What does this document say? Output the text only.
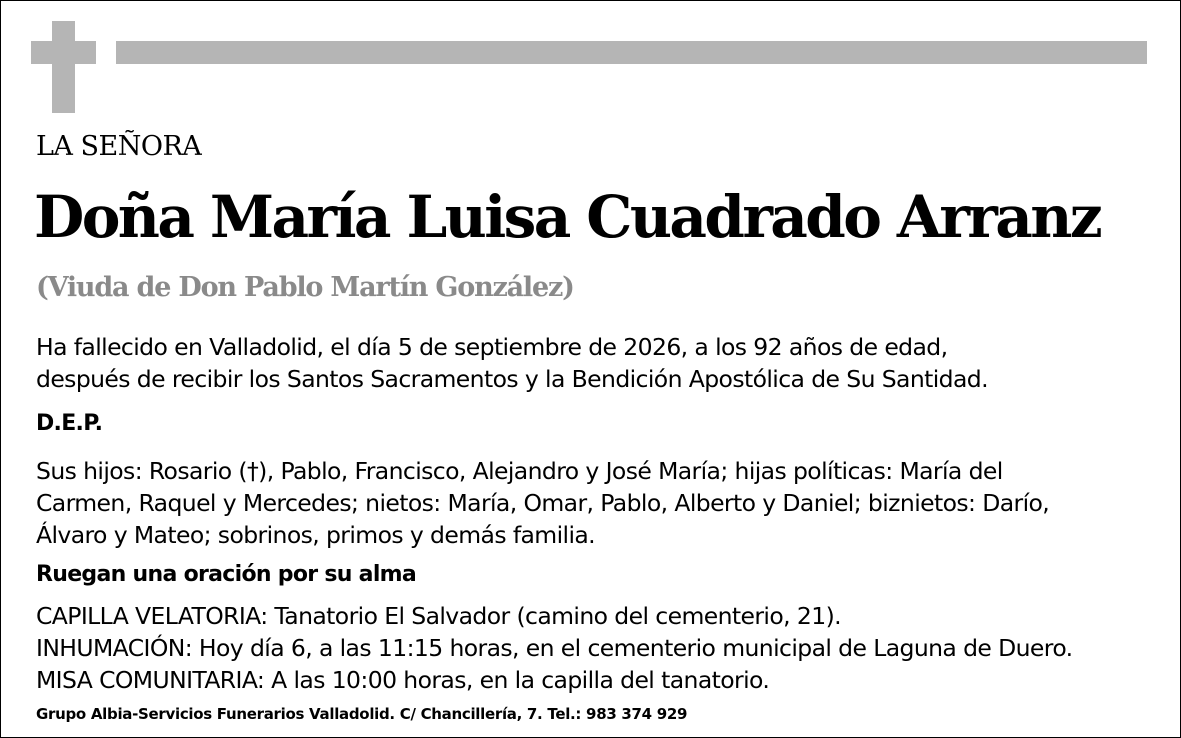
LA SEÑORA
Doña María Luisa Cuadrado Arranz
(Viuda de Don Pablo Martín González)
Ha fallecido en Valladolid, el día 5 de septiembre de 2026, a los 92 años de edad,
después de recibir los Santos Sacramentos y la Bendición Apostólica de Su Santidad.
D.E.P.
Sus hijos: Rosario (†), Pablo, Francisco, Alejandro y José María; hijas políticas: María del
Carmen, Raquel y Mercedes; nietos: María, Omar, Pablo, Alberto y Daniel; biznietos: Darío,
Álvaro y Mateo; sobrinos, primos y demás familia.
Ruegan una oración por su alma
CAPILLA VELATORIA: Tanatorio El Salvador (camino del cementerio, 21).
INHUMACIÓN: Hoy día 6, a las 11:15 horas, en el cementerio municipal de Laguna de Duero.
MISA COMUNITARIA: A las 10:00 horas, en la capilla del tanatorio.
Grupo Albia-Servicios Funerarios Valladolid. C/ Chancillería, 7. Tel.: 983 374 929
